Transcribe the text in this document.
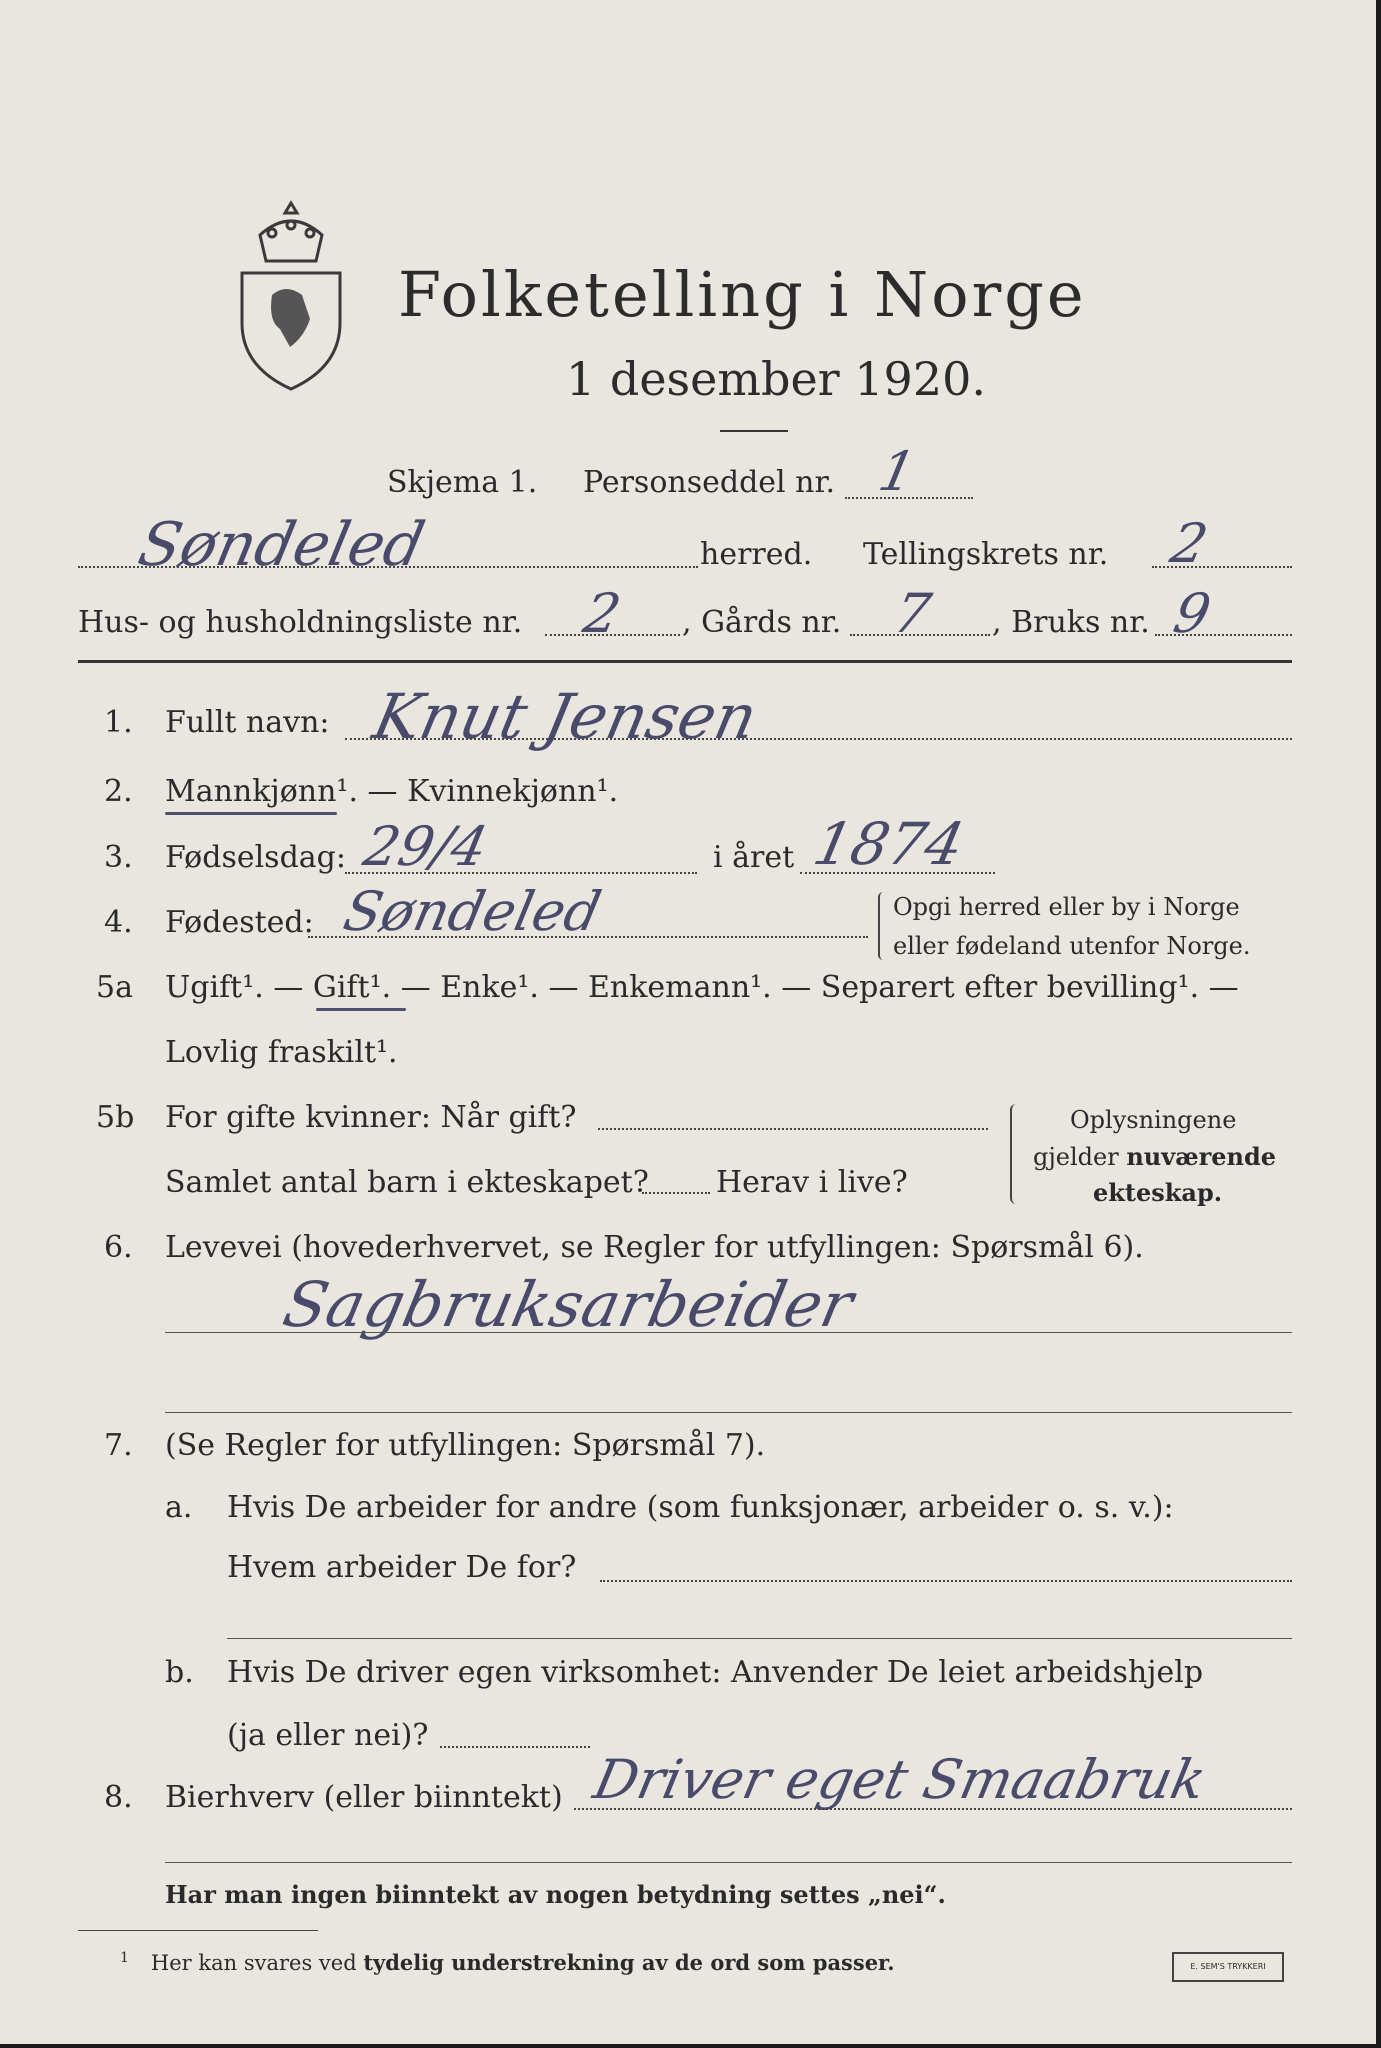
Folketelling i Norge
1 desember 1920.
Skjema 1. Personseddel nr. 1
Søndeled	herred. Tellingskrets nr. 2
Hus- og husholdningsliste nr. 2 , Gårds nr. 7 , Bruks nr. 9
1. Fullt navn: Knut Jensen
2. Mannkjønn¹. — Kvinnekjønn¹.
3. Fødselsdag: 29/4	i året 1874
4. Fødested: Søndeled	Opgi herred eller by i Norge
eller fødeland utenfor Norge.
5a Ugift¹. — Gift¹. — Enke¹. — Enkemann¹. — Separert efter bevilling¹. —
Lovlig fraskilt¹.
5b For gifte kvinner: Når gift?
Samlet antal barn i ekteskapet? Herav i live?
Oplysningene
gjelder nuværende
ekteskap.
6. Levevei (hovederhvervet, se Regler for utfyllingen: Spørsmål 6).
Sagbruksarbeider
7. (Se Regler for utfyllingen: Spørsmål 7).
a. Hvis De arbeider for andre (som funksjonær, arbeider o. s. v.):
Hvem arbeider De for?
b. Hvis De driver egen virksomhet: Anvender De leiet arbeidshjelp
(ja eller nei)?
8. Bierhverv (eller biinntekt) Driver eget Smaabruk
Har man ingen biinntekt av nogen betydning settes „nei“.
$^1$ Her kan svares ved tydelig understrekning av de ord som passer.	E. SEM'S TRYKKERI
